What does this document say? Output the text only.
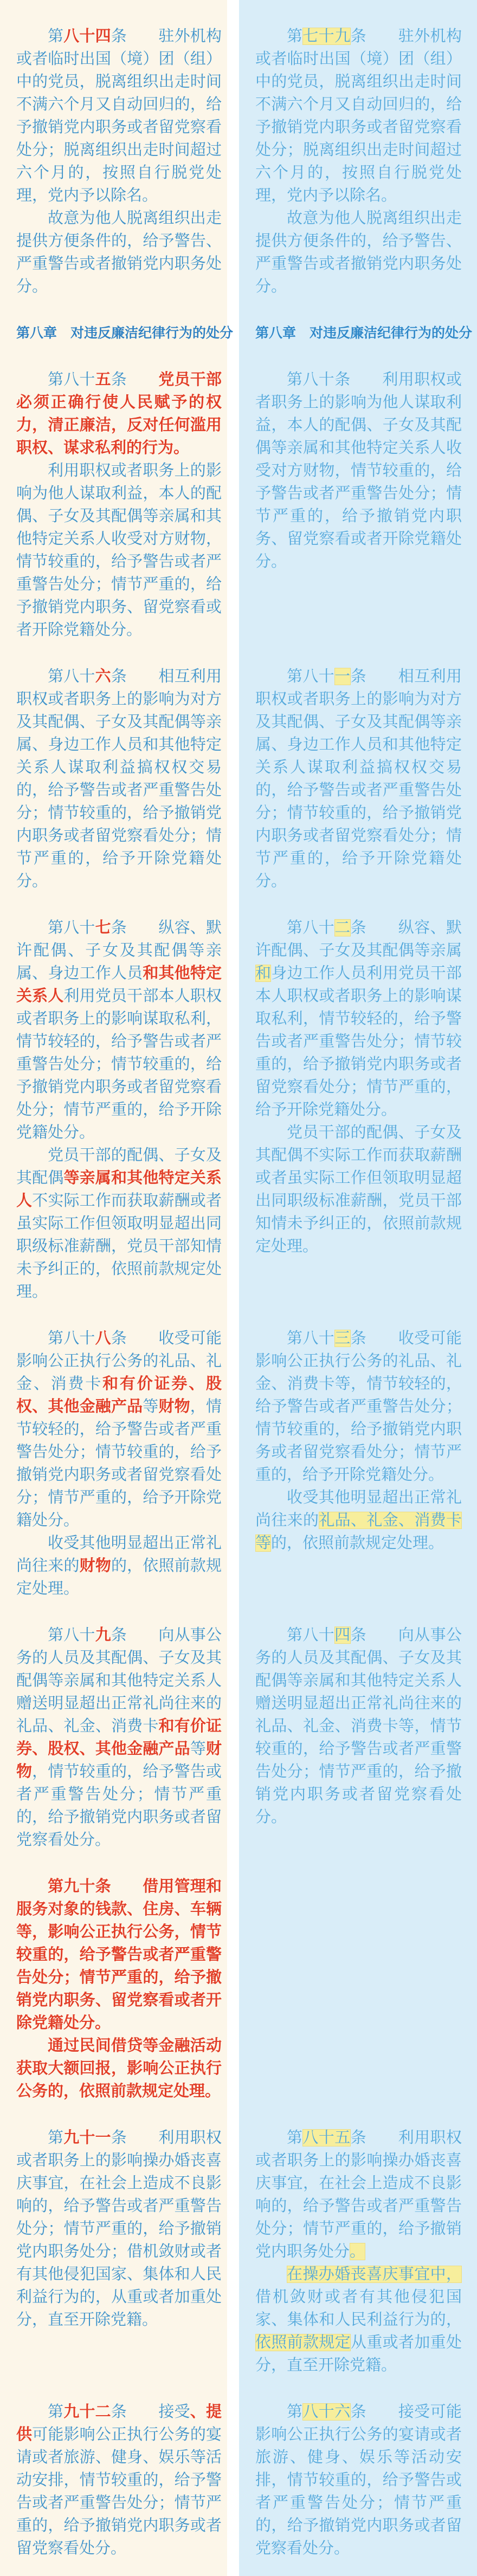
第八十四条　　驻外机构或者临时出国（境）团（组）中的党员，脱离组织出走时间不满六个月又自动回归的，给予撤销党内职务或者留党察看处分；脱离组织出走时间超过六个月的，按照自行脱党处理，党内予以除名。

故意为他人脱离组织出走提供方便条件的，给予警告、严重警告或者撤销党内职务处分。

第七十九条　　驻外机构或者临时出国（境）团（组）中的党员，脱离组织出走时间不满六个月又自动回归的，给予撤销党内职务或者留党察看处分；脱离组织出走时间超过六个月的，按照自行脱党处理，党内予以除名。

故意为他人脱离组织出走提供方便条件的，给予警告、严重警告或者撤销党内职务处分。

第八章　对违反廉洁纪律行为的处分 第八章　对违反廉洁纪律行为的处分

第八十五条　　党员干部必须正确行使人民赋予的权力，清正廉洁，反对任何滥用职权、谋求私利的行为。

利用职权或者职务上的影响为他人谋取利益，本人的配偶、子女及其配偶等亲属和其他特定关系人收受对方财物，情节较重的，给予警告或者严重警告处分；情节严重的，给予撤销党内职务、留党察看或者开除党籍处分。

第八十条　　利用职权或者职务上的影响为他人谋取利益，本人的配偶、子女及其配偶等亲属和其他特定关系人收受对方财物，情节较重的，给予警告或者严重警告处分；情节严重的，给予撤销党内职务、留党察看或者开除党籍处分。

第八十六条　　相互利用职权或者职务上的影响为对方及其配偶、子女及其配偶等亲属、身边工作人员和其他特定关系人谋取利益搞权权交易的，给予警告或者严重警告处分；情节较重的，给予撤销党内职务或者留党察看处分；情节严重的，给予开除党籍处分。

第八十一条　　相互利用职权或者职务上的影响为对方及其配偶、子女及其配偶等亲属、身边工作人员和其他特定关系人谋取利益搞权权交易的，给予警告或者严重警告处分；情节较重的，给予撤销党内职务或者留党察看处分；情节严重的，给予开除党籍处分。

第八十七条　　纵容、默许配偶、子女及其配偶等亲属、身边工作人员和其他特定关系人利用党员干部本人职权或者职务上的影响谋取私利，情节较轻的，给予警告或者严重警告处分；情节较重的，给予撤销党内职务或者留党察看处分；情节严重的，给予开除党籍处分。

党员干部的配偶、子女及其配偶等亲属和其他特定关系人不实际工作而获取薪酬或者虽实际工作但领取明显超出同职级标准薪酬，党员干部知情未予纠正的，依照前款规定处理。

第八十二条　　纵容、默许配偶、子女及其配偶等亲属和身边工作人员利用党员干部本人职权或者职务上的影响谋取私利，情节较轻的，给予警告或者严重警告处分；情节较重的，给予撤销党内职务或者留党察看处分；情节严重的，给予开除党籍处分。

党员干部的配偶、子女及其配偶不实际工作而获取薪酬或者虽实际工作但领取明显超出同职级标准薪酬，党员干部知情未予纠正的，依照前款规定处理。

第八十八条　　收受可能影响公正执行公务的礼品、礼金、消费卡和有价证券、股权、其他金融产品等财物，情节较轻的，给予警告或者严重警告处分；情节较重的，给予撤销党内职务或者留党察看处分；情节严重的，给予开除党籍处分。

收受其他明显超出正常礼尚往来的财物的，依照前款规定处理。

第八十三条　　收受可能影响公正执行公务的礼品、礼金、消费卡等，情节较轻的，给予警告或者严重警告处分；情节较重的，给予撤销党内职务或者留党察看处分；情节严重的，给予开除党籍处分。

收受其他明显超出正常礼尚往来的礼品、礼金、消费卡等的，依照前款规定处理。

第八十九条　　向从事公务的人员及其配偶、子女及其配偶等亲属和其他特定关系人赠送明显超出正常礼尚往来的礼品、礼金、消费卡和有价证券、股权、其他金融产品等财物，情节较重的，给予警告或者严重警告处分；情节严重的，给予撤销党内职务或者留党察看处分。

第八十四条　　向从事公务的人员及其配偶、子女及其配偶等亲属和其他特定关系人赠送明显超出正常礼尚往来的礼品、礼金、消费卡等，情节较重的，给予警告或者严重警告处分；情节严重的，给予撤销党内职务或者留党察看处分。

第九十条　　借用管理和服务对象的钱款、住房、车辆等，影响公正执行公务，情节较重的，给予警告或者严重警告处分；情节严重的，给予撤销党内职务、留党察看或者开除党籍处分。

通过民间借贷等金融活动获取大额回报，影响公正执行公务的，依照前款规定处理。

第九十一条　　利用职权或者职务上的影响操办婚丧喜庆事宜，在社会上造成不良影响的，给予警告或者严重警告处分；情节严重的，给予撤销党内职务处分；借机敛财或者有其他侵犯国家、集体和人民利益行为的，从重或者加重处分，直至开除党籍。

第八十五条　　利用职权或者职务上的影响操办婚丧喜庆事宜，在社会上造成不良影响的，给予警告或者严重警告处分；情节严重的，给予撤销党内职务处分。

在操办婚丧喜庆事宜中，借机敛财或者有其他侵犯国家、集体和人民利益行为的，依照前款规定从重或者加重处分，直至开除党籍。

第九十二条　　接受、提供可能影响公正执行公务的宴请或者旅游、健身、娱乐等活动安排，情节较重的，给予警告或者严重警告处分；情节严重的，给予撤销党内职务或者留党察看处分。

第八十六条　　接受可能影响公正执行公务的宴请或者旅游、健身、娱乐等活动安排，情节较重的，给予警告或者严重警告处分；情节严重的，给予撤销党内职务或者留党察看处分。
